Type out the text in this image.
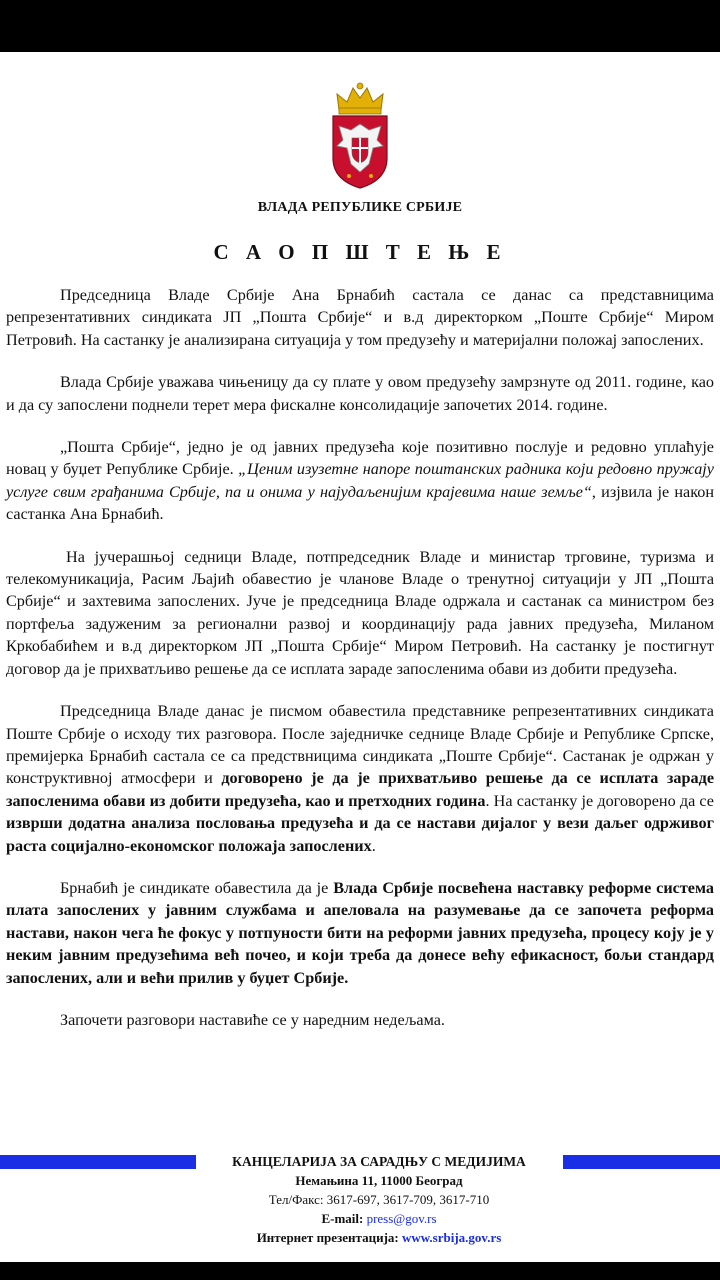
ВЛАДА РЕПУБЛИКЕ СРБИЈЕ
С А О П Ш Т Е Њ Е

Председница Владе Србије Ана Брнабић састала се данас са представницима репрезентативних синдиката ЈП „Пошта Србије“ и в.д директорком „Поште Србије“ Миром Петровић. На састанку је анализирана ситуација у том предузећу и материјални положај запослених.

Влада Србије уважава чињеницу да су плате у овом предузећу замрзнуте од 2011. године, као и да су запослени поднели терет мера фискалне консолидације започетих 2014. године.

„Пошта Србије“, једно је од јавних предузећа које позитивно послује и редовно уплаћује новац у буџет Републике Србије. „Ценим изузетне напоре поштанских радника који редовно пружају услуге свим грађанима Србије, па и онима у најудаљенијим крајевима наше земље“, изјвила је након састанка Ана Брнабић.

На јучерашњој седници Владе, потпредседник Владе и министар трговине, туризма и телекомуникација, Расим Љајић обавестио је чланове Владе о тренутној ситуацији у ЈП „Пошта Србије“ и захтевима запослених. Јуче је председница Владе одржала и састанак са министром без портфеља задуженим за регионални развој и координацију рада јавних предузећа, Миланом Кркобабићем и в.д директорком ЈП „Пошта Србије“ Миром Петровић. На састанку је постигнут договор да је прихватљиво решење да се исплата зараде запосленима обави из добити предузећа.

Председница Владе данас је писмом обавестила представнике репрезентативних синдиката Поште Србије о исходу тих разговора. После заједничке седнице Владе Србије и Републике Српске, премијерка Брнабић састала се са предствницима синдиката „Поште Србије“. Састанак је одржан у конструктивној атмосфери и договорено је да је прихватљиво решење да се исплата зараде запосленима обави из добити предузећа, као и претходних година. На састанку је договорено да се изврши додатна анализа пословања предузећа и да се настави дијалог у вези даљег одрживог раста социјално-економског положаја запослених.

Брнабић је синдикате обавестила да је Влада Србије посвећена наставку реформе система плата запослених у јавним службама и апеловала на разумевање да се започета реформа настави, након чега ће фокус у потпуности бити на реформи јавних предузећа, процесу коју је у неким јавним предузећима већ почео, и који треба да донесе већу ефикасност, бољи стандард запослених, али и већи прилив у буџет Србије.

Започети разговори наставиће се у наредним недељама.

КАНЦЕЛАРИЈА ЗА САРАДЊУ С МЕДИЈИМА
Немањина 11, 11000 Београд
Тел/Факс: 3617-697, 3617-709, 3617-710
E-mail: press@gov.rs
Интернет презентација: www.srbija.gov.rs
